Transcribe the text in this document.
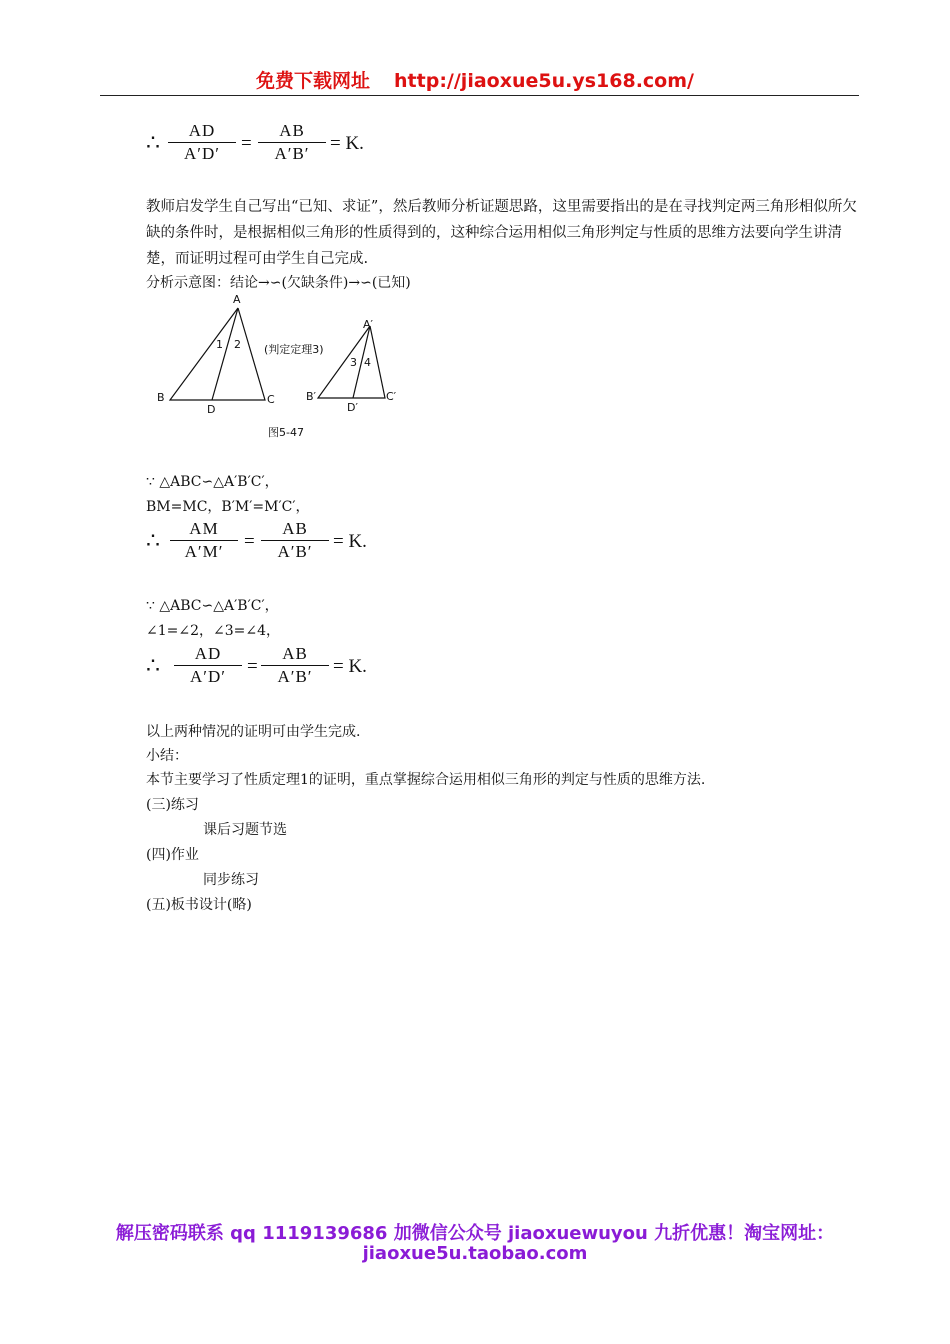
免费下载网址 http://jiaoxue5u.ys168.com/
∴ $\frac{AD}{A'D'} = \frac{AB}{A'B'} = K$.
教师启发学生自己写出“已知、求证”，然后教师分析证题思路，这里需要指出的是在寻找判定两三角形相似所欠缺的条件时，是根据相似三角形的性质得到的，这种综合运用相似三角形判定与性质的思维方法要向学生讲清楚，而证明过程可由学生自己完成.
分析示意图：结论→∽(欠缺条件)→∽(已知)
A
B	C
D
1 2 (判定定理3)
A′
B′	C′
D′
3 4
图5-47
∵ △ABC∽△A′B′C′，
BM=MC，B′M′=M′C′，
∴ $\frac{AM}{A'M'} = \frac{AB}{A'B'} = K$.
∵ △ABC∽△A′B′C′，
∠1=∠2，∠3=∠4，
∴ $\frac{AD}{A'D'} = \frac{AB}{A'B'} = K$.
以上两种情况的证明可由学生完成.
小结：
本节主要学习了性质定理1的证明，重点掌握综合运用相似三角形的判定与性质的思维方法.
(三)练习
课后习题节选
(四)作业
同步练习
(五)板书设计(略)
解压密码联系 qq 1119139686 加微信公众号 jiaoxuewuyou 九折优惠！淘宝网址：
jiaoxue5u.taobao.com
